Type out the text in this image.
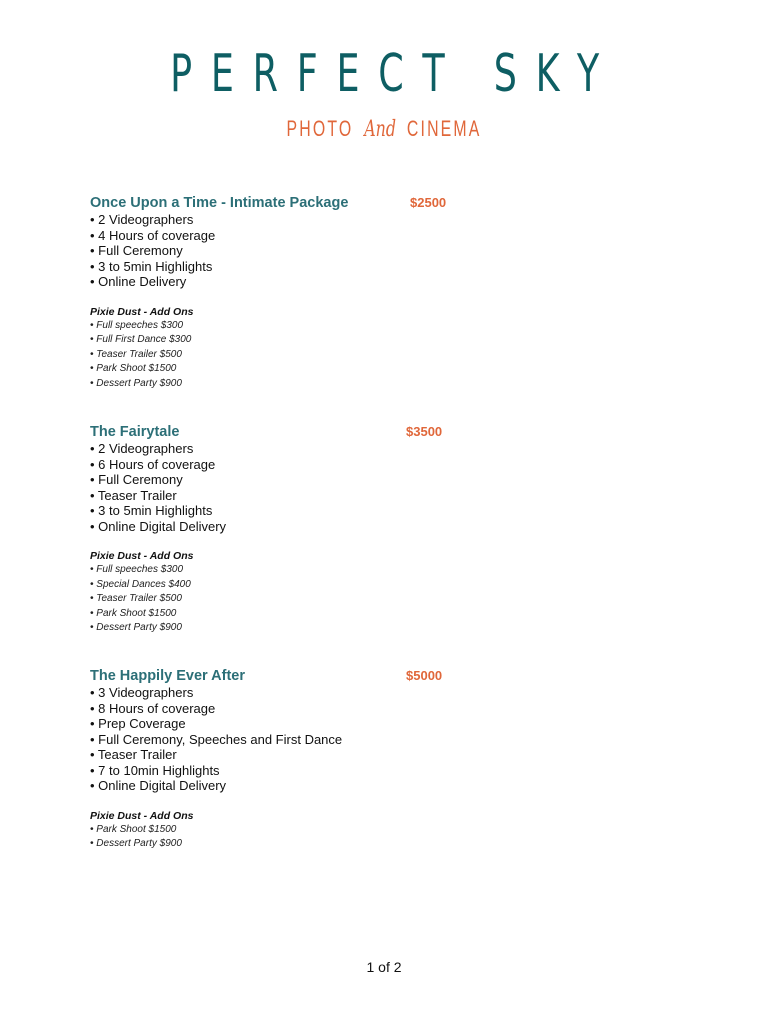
PERFECT SKY
PHOTO And CINEMA
Once Upon a Time - Intimate Package	$2500
• 2 Videographers
• 4 Hours of coverage
• Full Ceremony
• 3 to 5min Highlights
• Online Delivery
Pixie Dust - Add Ons
• Full speeches $300
• Full First Dance $300
• Teaser Trailer $500
• Park Shoot $1500
• Dessert Party $900
The Fairytale	$3500
• 2 Videographers
• 6 Hours of coverage
• Full Ceremony
• Teaser Trailer
• 3 to 5min Highlights
• Online Digital Delivery
Pixie Dust - Add Ons
• Full speeches $300
• Special Dances $400
• Teaser Trailer $500
• Park Shoot $1500
• Dessert Party $900
The Happily Ever After	$5000
• 3 Videographers
• 8 Hours of coverage
• Prep Coverage
• Full Ceremony, Speeches and First Dance
• Teaser Trailer
• 7 to 10min Highlights
• Online Digital Delivery
Pixie Dust - Add Ons
• Park Shoot $1500
• Dessert Party $900
1 of 2
